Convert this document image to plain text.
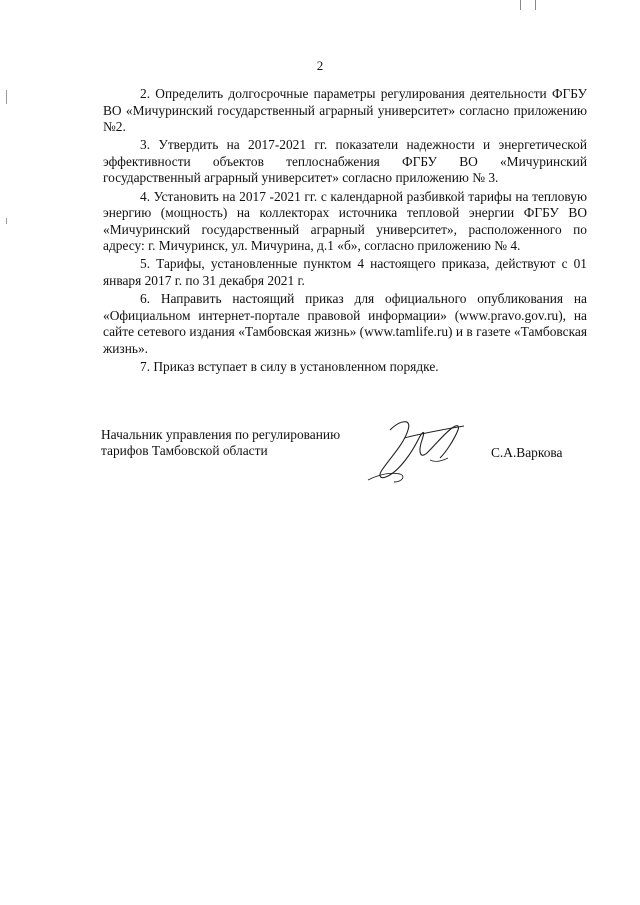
2

2. Определить долгосрочные параметры регулирования деятельности ФГБУ ВО «Мичуринский государственный аграрный университет» согласно приложению №2.

3. Утвердить на 2017-2021 гг. показатели надежности и энергетической эффективности объектов теплоснабжения ФГБУ ВО «Мичуринский государственный аграрный университет» согласно приложению № 3.

4. Установить на 2017 -2021 гг. с календарной разбивкой тарифы на тепловую энергию (мощность) на коллекторах источника тепловой энергии ФГБУ ВО «Мичуринский государственный аграрный университет», расположенного по адресу: г. Мичуринск, ул. Мичурина, д.1 «б», согласно приложению № 4.

5. Тарифы, установленные пунктом 4 настоящего приказа, действуют с 01 января 2017 г. по 31 декабря 2021 г.

6. Направить настоящий приказ для официального опубликования на «Официальном интернет-портале правовой информации» (www.pravo.gov.ru), на сайте сетевого издания «Тамбовская жизнь» (www.tamlife.ru) и в газете «Тамбовская жизнь».

7. Приказ вступает в силу в установленном порядке.

Начальник управления по регулированию
тарифов Тамбовской области	С.А.Варкова
